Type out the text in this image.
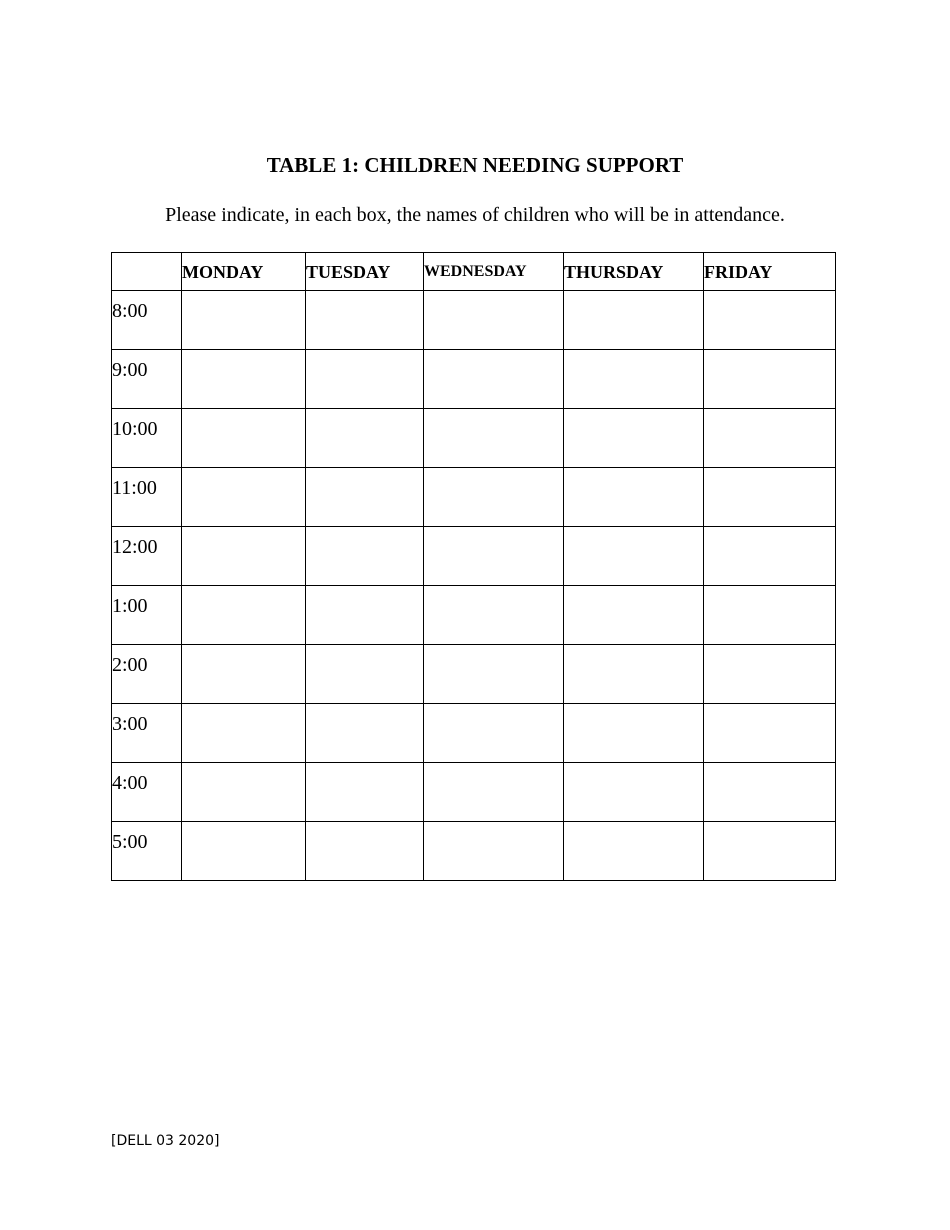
TABLE 1: CHILDREN NEEDING SUPPORT

Please indicate, in each box, the names of children who will be in attendance.

	MONDAY	TUESDAY	WEDNESDAY	THURSDAY	FRIDAY
8:00					
9:00					
10:00					
11:00					
12:00					
1:00					
2:00					
3:00					
4:00					
5:00					

[DELL 03 2020]
